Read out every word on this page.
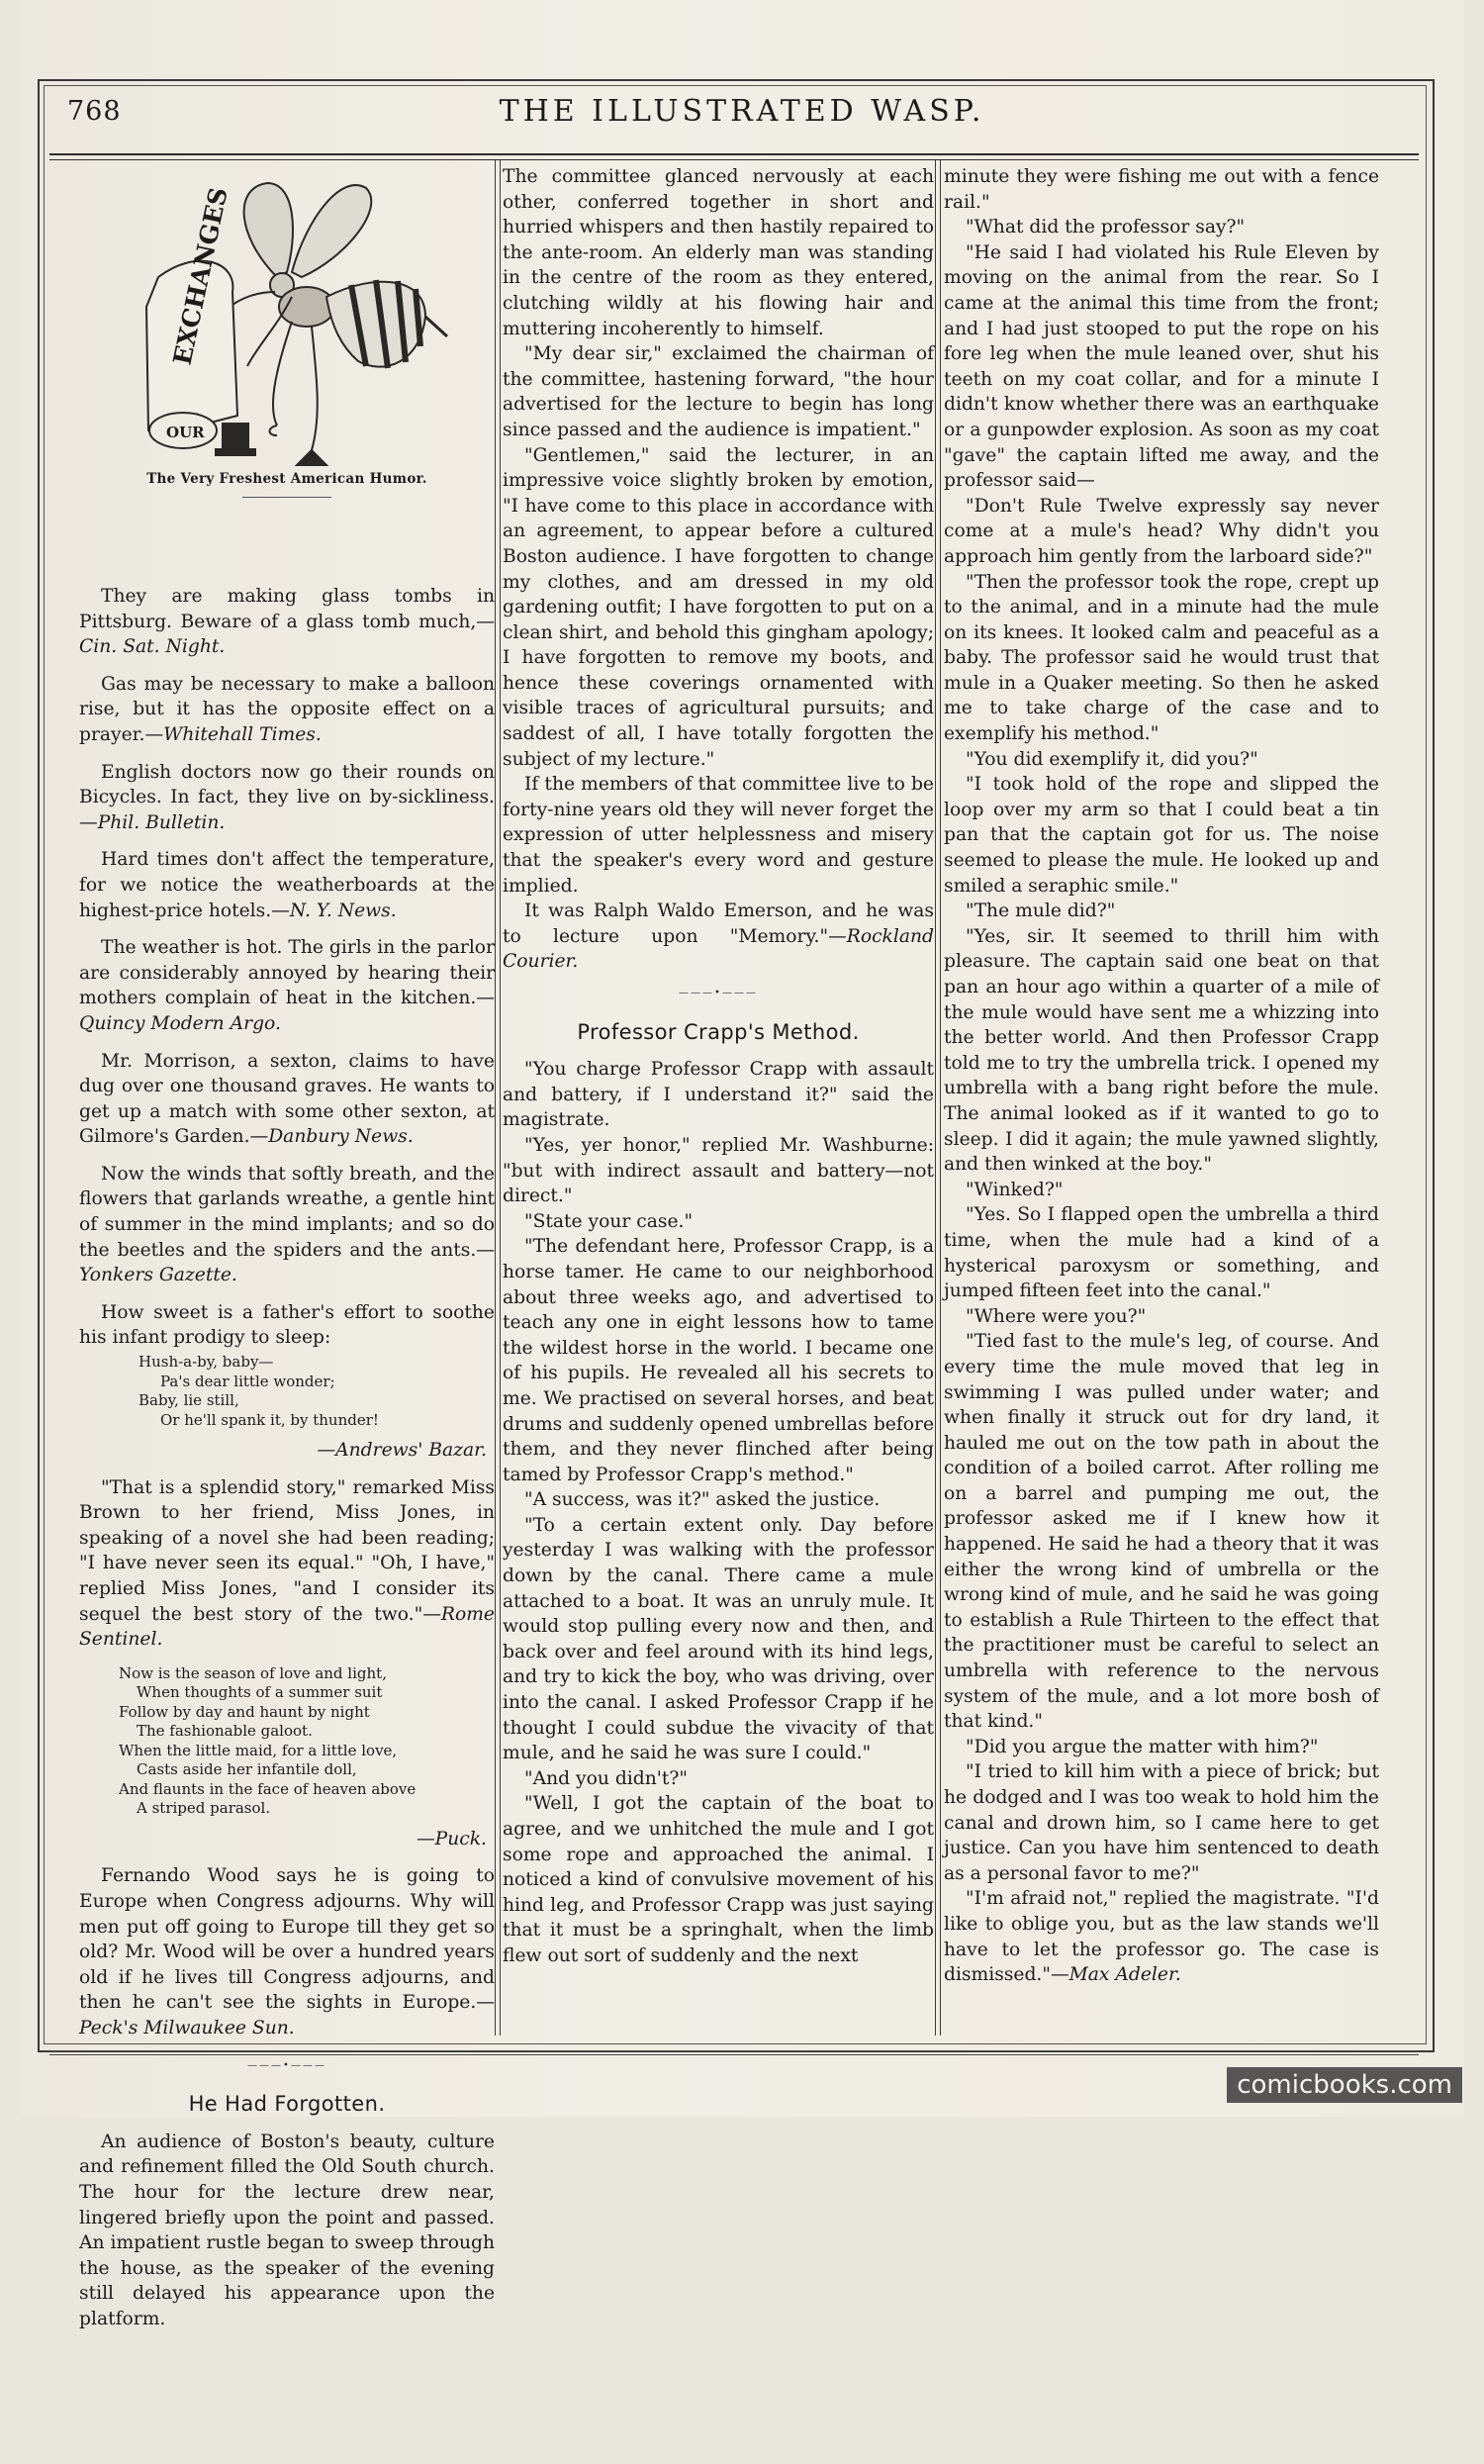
768	THE ILLUSTRATED WASP.
EXCHANGES
OUR
The Very Freshest American Humor.

They are making glass tombs in Pittsburg. Beware of a glass tomb much,—Cin. Sat. Night.

Gas may be necessary to make a balloon rise, but it has the opposite effect on a prayer.—Whitehall Times.

English doctors now go their rounds on Bicycles. In fact, they live on by-sickliness.—Phil. Bulletin.

Hard times don't affect the temperature, for we notice the weatherboards at the highest-price hotels.—N. Y. News.

The weather is hot. The girls in the parlor are considerably annoyed by hearing their mothers complain of heat in the kitchen.—Quincy Modern Argo.

Mr. Morrison, a sexton, claims to have dug over one thousand graves. He wants to get up a match with some other sexton, at Gilmore's Garden.—Danbury News.

Now the winds that softly breath, and the flowers that garlands wreathe, a gentle hint of summer in the mind implants; and so do the beetles and the spiders and the ants.—Yonkers Gazette.

How sweet is a father's effort to soothe his infant prodigy to sleep:

Hush-a-by, baby—
Pa's dear little wonder;
Baby, lie still,
Or he'll spank it, by thunder!
—Andrews' Bazar.

"That is a splendid story," remarked Miss Brown to her friend, Miss Jones, in speaking of a novel she had been reading; "I have never seen its equal." "Oh, I have," replied Miss Jones, "and I consider its sequel the best story of the two."—Rome Sentinel.

Now is the season of love and light,
When thoughts of a summer suit
Follow by day and haunt by night
The fashionable galoot.
When the little maid, for a little love,
Casts aside her infantile doll,
And flaunts in the face of heaven above
A striped parasol.
—Puck.

Fernando Wood says he is going to Europe when Congress adjourns. Why will men put off going to Europe till they get so old? Mr. Wood will be over a hundred years old if he lives till Congress adjourns, and then he can't see the sights in Europe.—Peck's Milwaukee Sun.

———•———
He Had Forgotten.

An audience of Boston's beauty, culture and refinement filled the Old South church. The hour for the lecture drew near, lingered briefly upon the point and passed. An impatient rustle began to sweep through the house, as the speaker of the evening still delayed his appearance upon the platform.

The committee glanced nervously at each other, conferred together in short and hurried whispers and then hastily repaired to the ante-room. An elderly man was standing in the centre of the room as they entered, clutching wildly at his flowing hair and muttering incoherently to himself.

"My dear sir," exclaimed the chairman of the committee, hastening forward, "the hour advertised for the lecture to begin has long since passed and the audience is impatient."

"Gentlemen," said the lecturer, in an impressive voice slightly broken by emotion, "I have come to this place in accordance with an agreement, to appear before a cultured Boston audience. I have forgotten to change my clothes, and am dressed in my old gardening outfit; I have forgotten to put on a clean shirt, and behold this gingham apology; I have forgotten to remove my boots, and hence these coverings ornamented with visible traces of agricultural pursuits; and saddest of all, I have totally forgotten the subject of my lecture."

If the members of that committee live to be forty-nine years old they will never forget the expression of utter helplessness and misery that the speaker's every word and gesture implied.

It was Ralph Waldo Emerson, and he was to lecture upon "Memory."—Rockland Courier.

———•———
Professor Crapp's Method.

"You charge Professor Crapp with assault and battery, if I understand it?" said the magistrate.

"Yes, yer honor," replied Mr. Washburne: "but with indirect assault and battery—not direct."

"State your case."

"The defendant here, Professor Crapp, is a horse tamer. He came to our neighborhood about three weeks ago, and advertised to teach any one in eight lessons how to tame the wildest horse in the world. I became one of his pupils. He revealed all his secrets to me. We practised on several horses, and beat drums and suddenly opened umbrellas before them, and they never flinched after being tamed by Professor Crapp's method."

"A success, was it?" asked the justice.

"To a certain extent only. Day before yesterday I was walking with the professor down by the canal. There came a mule attached to a boat. It was an unruly mule. It would stop pulling every now and then, and back over and feel around with its hind legs, and try to kick the boy, who was driving, over into the canal. I asked Professor Crapp if he thought I could subdue the vivacity of that mule, and he said he was sure I could."

"And you didn't?"

"Well, I got the captain of the boat to agree, and we unhitched the mule and I got some rope and approached the animal. I noticed a kind of convulsive movement of his hind leg, and Professor Crapp was just saying that it must be a springhalt, when the limb flew out sort of suddenly and the next

minute they were fishing me out with a fence rail."

"What did the professor say?"

"He said I had violated his Rule Eleven by moving on the animal from the rear. So I came at the animal this time from the front; and I had just stooped to put the rope on his fore leg when the mule leaned over, shut his teeth on my coat collar, and for a minute I didn't know whether there was an earthquake or a gunpowder explosion. As soon as my coat "gave" the captain lifted me away, and the professor said—

"Don't Rule Twelve expressly say never come at a mule's head? Why didn't you approach him gently from the larboard side?"

"Then the professor took the rope, crept up to the animal, and in a minute had the mule on its knees. It looked calm and peaceful as a baby. The professor said he would trust that mule in a Quaker meeting. So then he asked me to take charge of the case and to exemplify his method."

"You did exemplify it, did you?"

"I took hold of the rope and slipped the loop over my arm so that I could beat a tin pan that the captain got for us. The noise seemed to please the mule. He looked up and smiled a seraphic smile."

"The mule did?"

"Yes, sir. It seemed to thrill him with pleasure. The captain said one beat on that pan an hour ago within a quarter of a mile of the mule would have sent me a whizzing into the better world. And then Professor Crapp told me to try the umbrella trick. I opened my umbrella with a bang right before the mule. The animal looked as if it wanted to go to sleep. I did it again; the mule yawned slightly, and then winked at the boy."

"Winked?"

"Yes. So I flapped open the umbrella a third time, when the mule had a kind of a hysterical paroxysm or something, and jumped fifteen feet into the canal."

"Where were you?"

"Tied fast to the mule's leg, of course. And every time the mule moved that leg in swimming I was pulled under water; and when finally it struck out for dry land, it hauled me out on the tow path in about the condition of a boiled carrot. After rolling me on a barrel and pumping me out, the professor asked me if I knew how it happened. He said he had a theory that it was either the wrong kind of umbrella or the wrong kind of mule, and he said he was going to establish a Rule Thirteen to the effect that the practitioner must be careful to select an umbrella with reference to the nervous system of the mule, and a lot more bosh of that kind."

"Did you argue the matter with him?"

"I tried to kill him with a piece of brick; but he dodged and I was too weak to hold him the canal and drown him, so I came here to get justice. Can you have him sentenced to death as a personal favor to me?"

"I'm afraid not," replied the magistrate. "I'd like to oblige you, but as the law stands we'll have to let the professor go. The case is dismissed."—Max Adeler.

comicbooks.com
